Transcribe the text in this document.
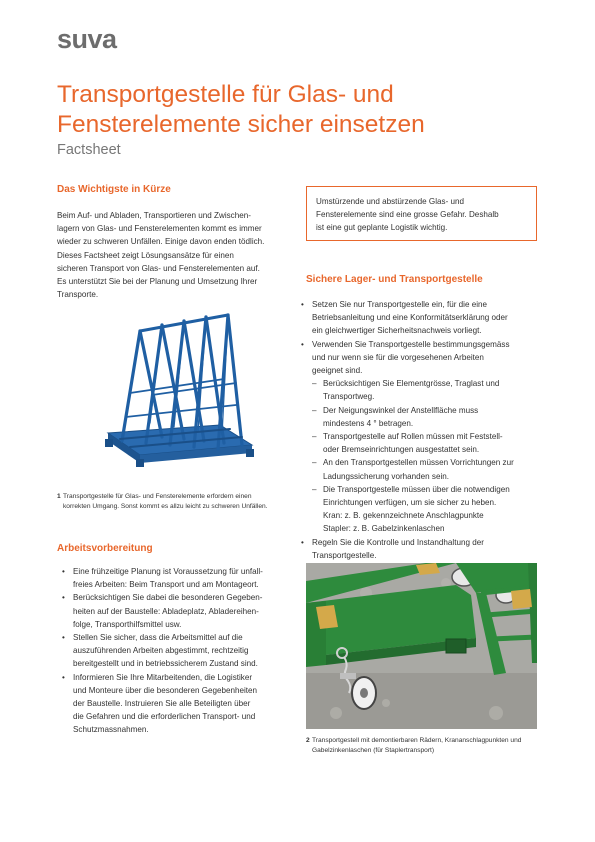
suva
Transportgestelle für Glas- und
Fensterelemente sicher einsetzen
Factsheet
Das Wichtigste in Kürze
Beim Auf- und Abladen, Transportieren und Zwischen-
lagern von Glas- und Fensterelementen kommt es immer
wieder zu schweren Unfällen. Einige davon enden tödlich.
Dieses Factsheet zeigt Lösungsansätze für einen
sicheren Transport von Glas- und Fensterelementen auf.
Es unterstützt Sie bei der Planung und Umsetzung Ihrer
Transporte.
1 Transportgestelle für Glas- und Fensterelemente erfordern einen
korrekten Umgang. Sonst kommt es allzu leicht zu schweren Unfällen.
Arbeitsvorbereitung
• Eine frühzeitige Planung ist Voraussetzung für unfall-
freies Arbeiten: Beim Transport und am Montageort.
• Berücksichtigen Sie dabei die besonderen Gegeben-
heiten auf der Baustelle: Abladeplatz, Abladereihen-
folge, Transporthilfsmittel usw.
• Stellen Sie sicher, dass die Arbeitsmittel auf die
auszuführenden Arbeiten abgestimmt, rechtzeitig
bereitgestellt und in betriebssicherem Zustand sind.
• Informieren Sie Ihre Mitarbeitenden, die Logistiker
und Monteure über die besonderen Gegebenheiten
der Baustelle. Instruieren Sie alle Beteiligten über
die Gefahren und die erforderlichen Transport- und
Schutzmassnahmen.
Umstürzende und abstürzende Glas- und
Fensterelemente sind eine grosse Gefahr. Deshalb
ist eine gut geplante Logistik wichtig.
Sichere Lager- und Transportgestelle
• Setzen Sie nur Transportgestelle ein, für die eine
Betriebsanleitung und eine Konformitätserklärung oder
ein gleichwertiger Sicherheitsnachweis vorliegt.
• Verwenden Sie Transportgestelle bestimmungsgemäss
und nur wenn sie für die vorgesehenen Arbeiten
geeignet sind.
– Berücksichtigen Sie Elementgrösse, Traglast und
Transportweg.
– Der Neigungswinkel der Anstellfläche muss
mindestens 4 ° betragen.
– Transportgestelle auf Rollen müssen mit Feststell-
oder Bremseinrichtungen ausgestattet sein.
– An den Transportgestellen müssen Vorrichtungen zur
Ladungssicherung vorhanden sein.
– Die Transportgestelle müssen über die notwendigen
Einrichtungen verfügen, um sie sicher zu heben.
Kran: z. B. gekennzeichnete Anschlagpunkte
Stapler: z. B. Gabelzinkenlaschen
• Regeln Sie die Kontrolle und Instandhaltung der
Transportgestelle.
2 Transportgestell mit demontierbaren Rädern, Krananschlagpunkten und
Gabelzinkenlaschen (für Staplertransport)
